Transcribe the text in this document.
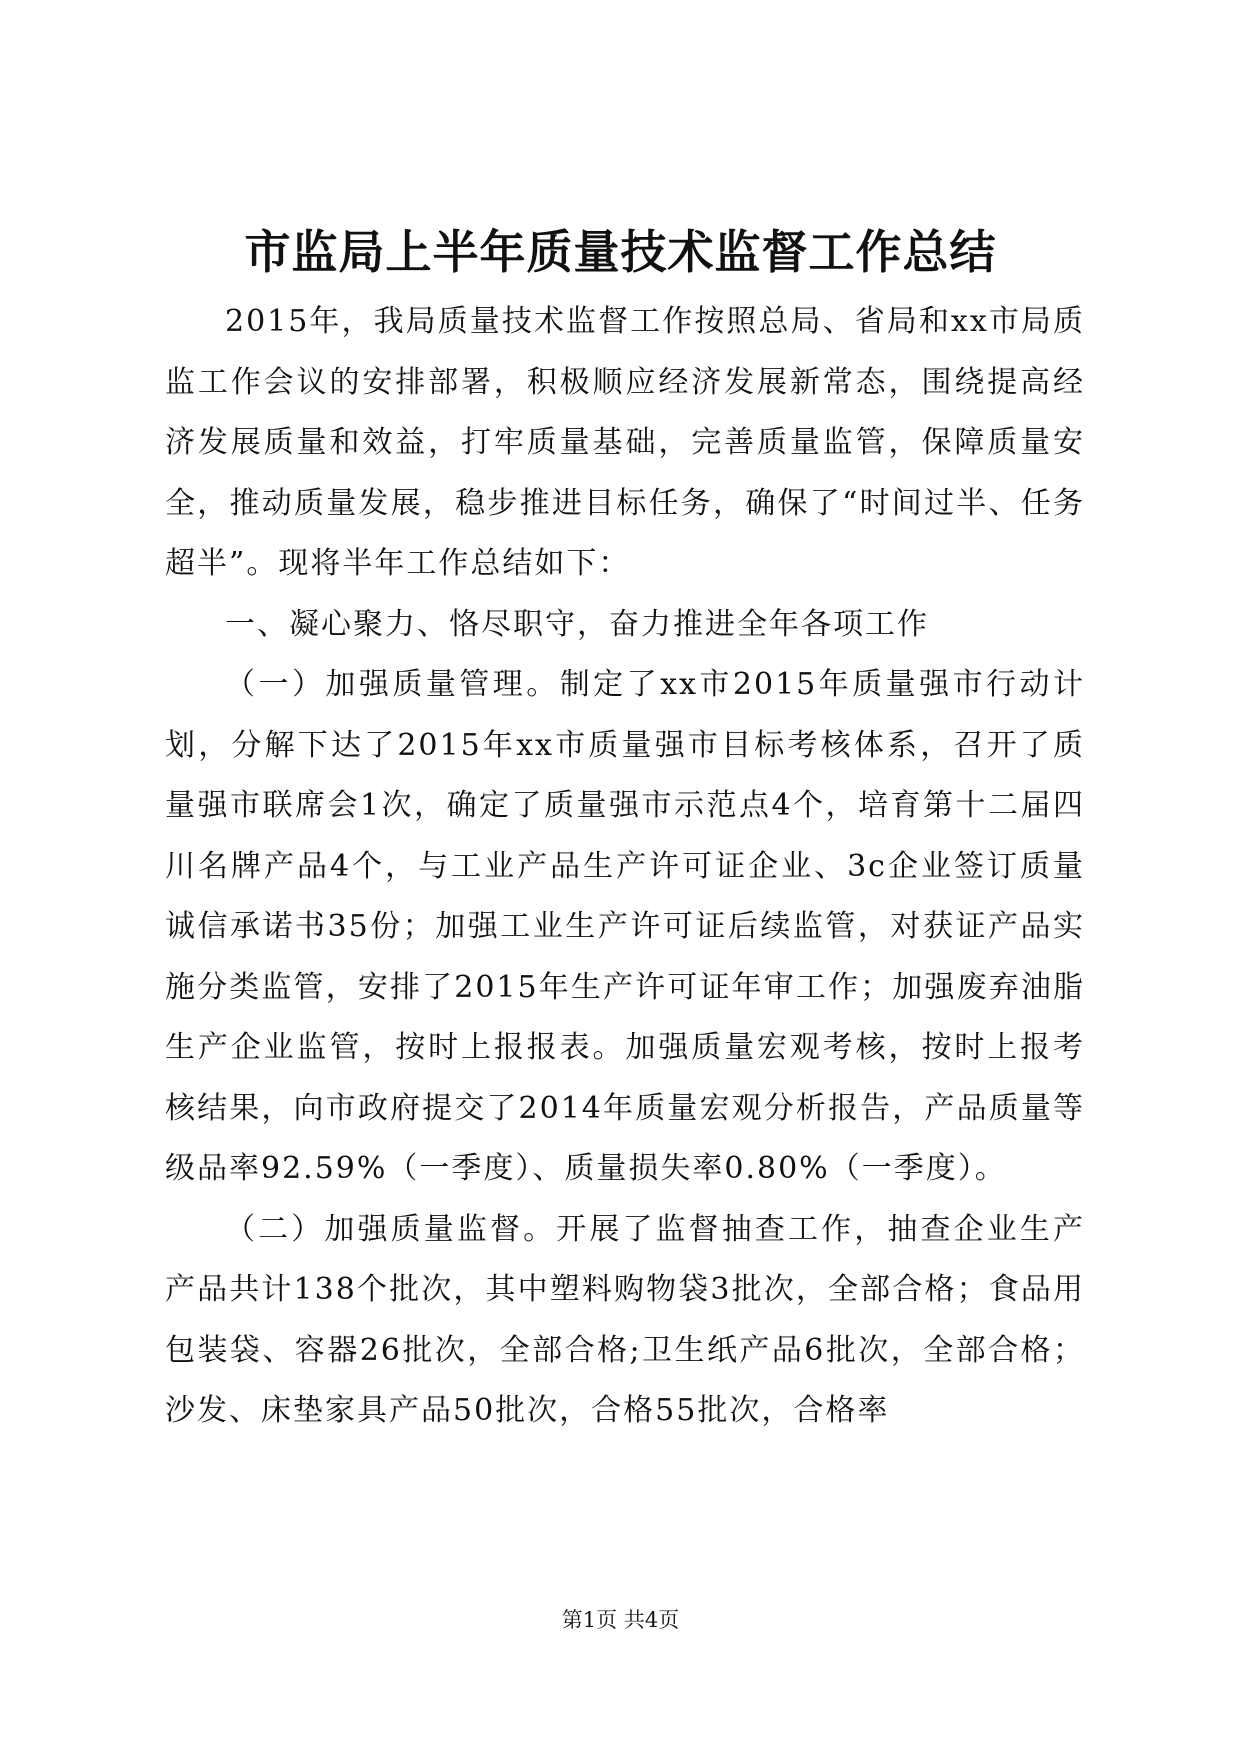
市监局上半年质量技术监督工作总结

2015年，我局质量技术监督工作按照总局、省局和xx市局质监工作会议的安排部署，积极顺应经济发展新常态，围绕提高经济发展质量和效益，打牢质量基础，完善质量监管，保障质量安全，推动质量发展，稳步推进目标任务，确保了“时间过半、任务超半”。现将半年工作总结如下：

一、凝心聚力、恪尽职守，奋力推进全年各项工作

（一）加强质量管理。制定了xx市2015年质量强市行动计划，分解下达了2015年xx市质量强市目标考核体系，召开了质量强市联席会1次，确定了质量强市示范点4个，培育第十二届四川名牌产品4个，与工业产品生产许可证企业、3c企业签订质量诚信承诺书35份；加强工业生产许可证后续监管，对获证产品实施分类监管，安排了2015年生产许可证年审工作；加强废弃油脂生产企业监管，按时上报报表。加强质量宏观考核，按时上报考核结果，向市政府提交了2014年质量宏观分析报告，产品质量等级品率92.59%（一季度）、质量损失率0.80%（一季度）。

（二）加强质量监督。开展了监督抽查工作，抽查企业生产产品共计138个批次，其中塑料购物袋3批次，全部合格；食品用包装袋、容器26批次，全部合格;卫生纸产品6批次，全部合格；沙发、床垫家具产品50批次，合格55批次，合格率

第1页 共4页
